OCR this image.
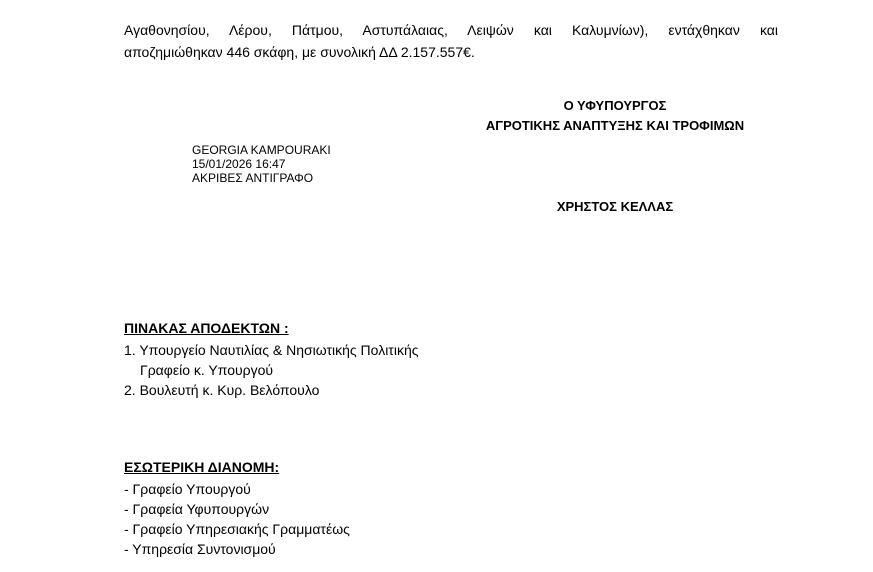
Αγαθονησίου, Λέρου, Πάτμου, Αστυπάλαιας, Λειψών και Καλυμνίων), εντάχθηκαν και
αποζημιώθηκαν 446 σκάφη, με συνολική ΔΔ 2.157.557€.

Ο ΥΦΥΠΟΥΡΓΟΣ
ΑΓΡΟΤΙΚΗΣ ΑΝΑΠΤΥΞΗΣ ΚΑΙ ΤΡΟΦΙΜΩΝ
GEORGIA KAMPOURAKI
15/01/2026 16:47
ΑΚΡΙΒΕΣ ΑΝΤΙΓΡΑΦΟ
ΧΡΗΣΤΟΣ ΚΕΛΛΑΣ
ΠΙΝΑΚΑΣ ΑΠΟΔΕΚΤΩΝ :
1. Υπουργείο Ναυτιλίας & Νησιωτικής Πολιτικής
Γραφείο κ. Υπουργού
2. Βουλευτή κ. Κυρ. Βελόπουλο
ΕΣΩΤΕΡΙΚΗ ΔΙΑΝΟΜΗ:
- Γραφείο Υπουργού
- Γραφεία Υφυπουργών
- Γραφείο Υπηρεσιακής Γραμματέως
- Υπηρεσία Συντονισμού
